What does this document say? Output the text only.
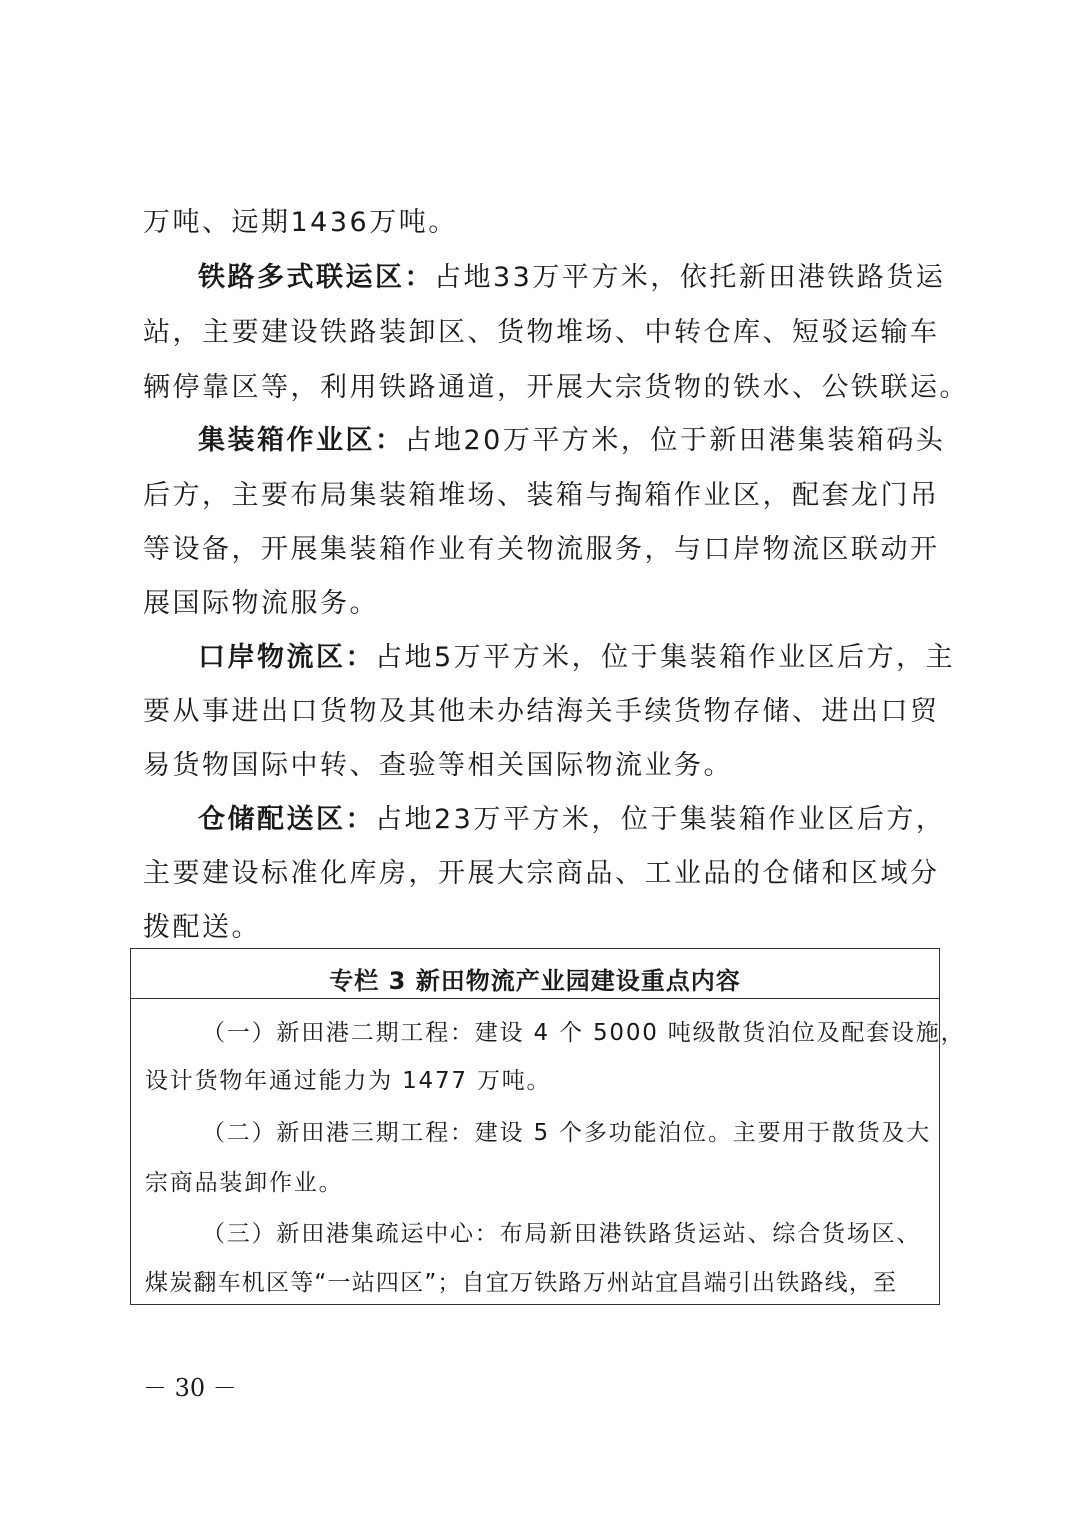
万吨、远期1436万吨。
铁路多式联运区：占地33万平方米，依托新田港铁路货运
站，主要建设铁路装卸区、货物堆场、中转仓库、短驳运输车
辆停靠区等，利用铁路通道，开展大宗货物的铁水、公铁联运。
集装箱作业区：占地20万平方米，位于新田港集装箱码头
后方，主要布局集装箱堆场、装箱与掏箱作业区，配套龙门吊
等设备，开展集装箱作业有关物流服务，与口岸物流区联动开
展国际物流服务。
口岸物流区：占地5万平方米，位于集装箱作业区后方，主
要从事进出口货物及其他未办结海关手续货物存储、进出口贸
易货物国际中转、查验等相关国际物流业务。
仓储配送区：占地23万平方米，位于集装箱作业区后方，
主要建设标准化库房，开展大宗商品、工业品的仓储和区域分
拨配送。
专栏 3 新田物流产业园建设重点内容
（一）新田港二期工程：建设 4 个 5000 吨级散货泊位及配套设施，
设计货物年通过能力为 1477 万吨。
（二）新田港三期工程：建设 5 个多功能泊位。主要用于散货及大
宗商品装卸作业。
（三）新田港集疏运中心：布局新田港铁路货运站、综合货场区、
煤炭翻车机区等“一站四区”；自宜万铁路万州站宜昌端引出铁路线，至
－ 30 －
